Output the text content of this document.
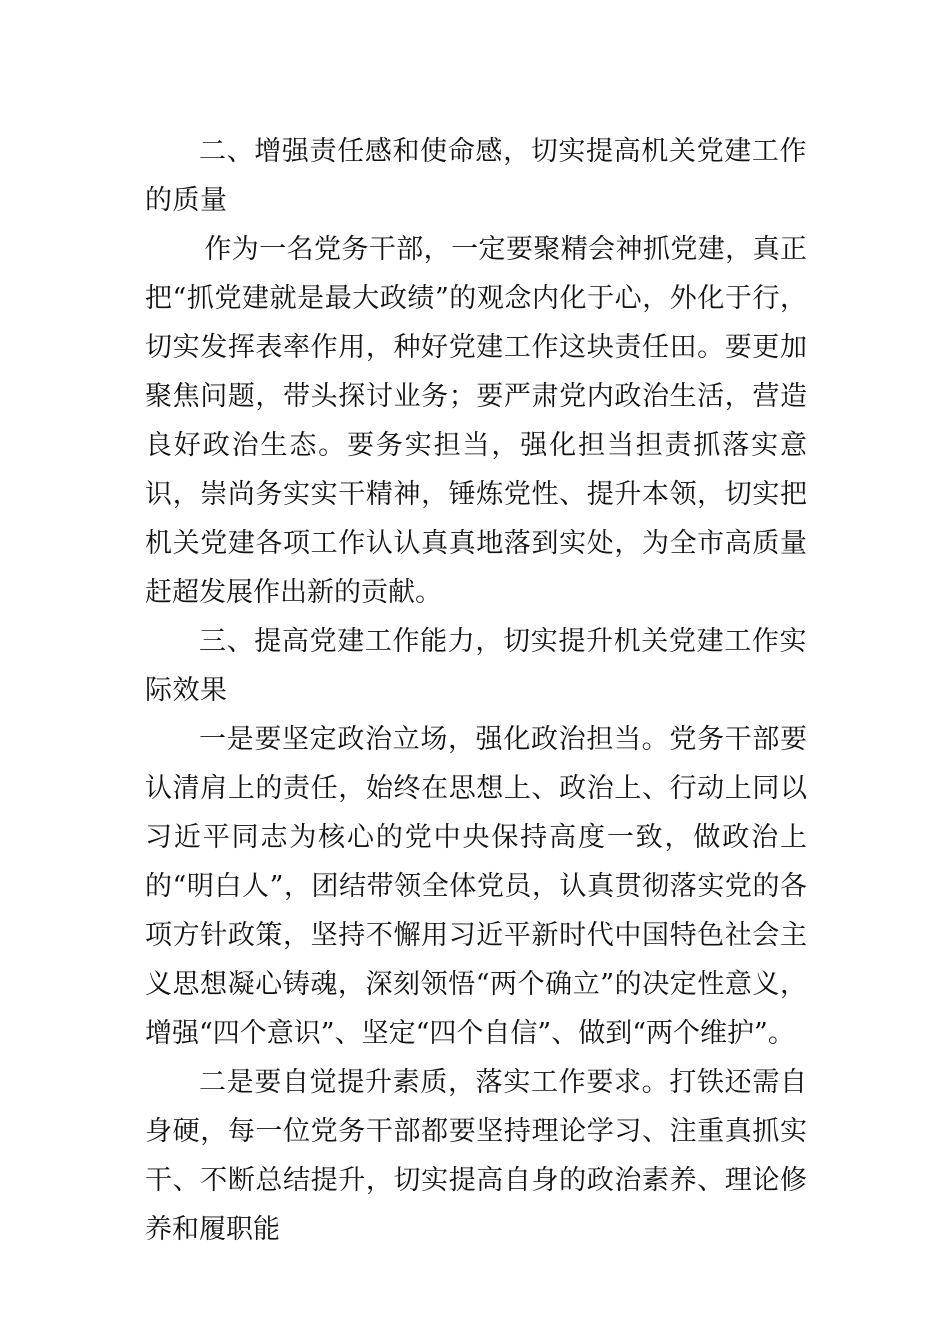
二、增强责任感和使命感，切实提高机关党建工作的质量

作为一名党务干部，一定要聚精会神抓党建，真正把“抓党建就是最大政绩”的观念内化于心，外化于行，切实发挥表率作用，种好党建工作这块责任田。要更加聚焦问题，带头探讨业务；要严肃党内政治生活，营造良好政治生态。要务实担当，强化担当担责抓落实意识，崇尚务实实干精神，锤炼党性、提升本领，切实把机关党建各项工作认认真真地落到实处，为全市高质量赶超发展作出新的贡献。

三、提高党建工作能力，切实提升机关党建工作实际效果

一是要坚定政治立场，强化政治担当。党务干部要认清肩上的责任，始终在思想上、政治上、行动上同以习近平同志为核心的党中央保持高度一致，做政治上的“明白人”，团结带领全体党员，认真贯彻落实党的各项方针政策，坚持不懈用习近平新时代中国特色社会主义思想凝心铸魂，深刻领悟“两个确立”的决定性意义，增强“四个意识”、坚定“四个自信”、做到“两个维护”。

二是要自觉提升素质，落实工作要求。打铁还需自身硬，每一位党务干部都要坚持理论学习、注重真抓实干、不断总结提升，切实提高自身的政治素养、理论修养和履职能
